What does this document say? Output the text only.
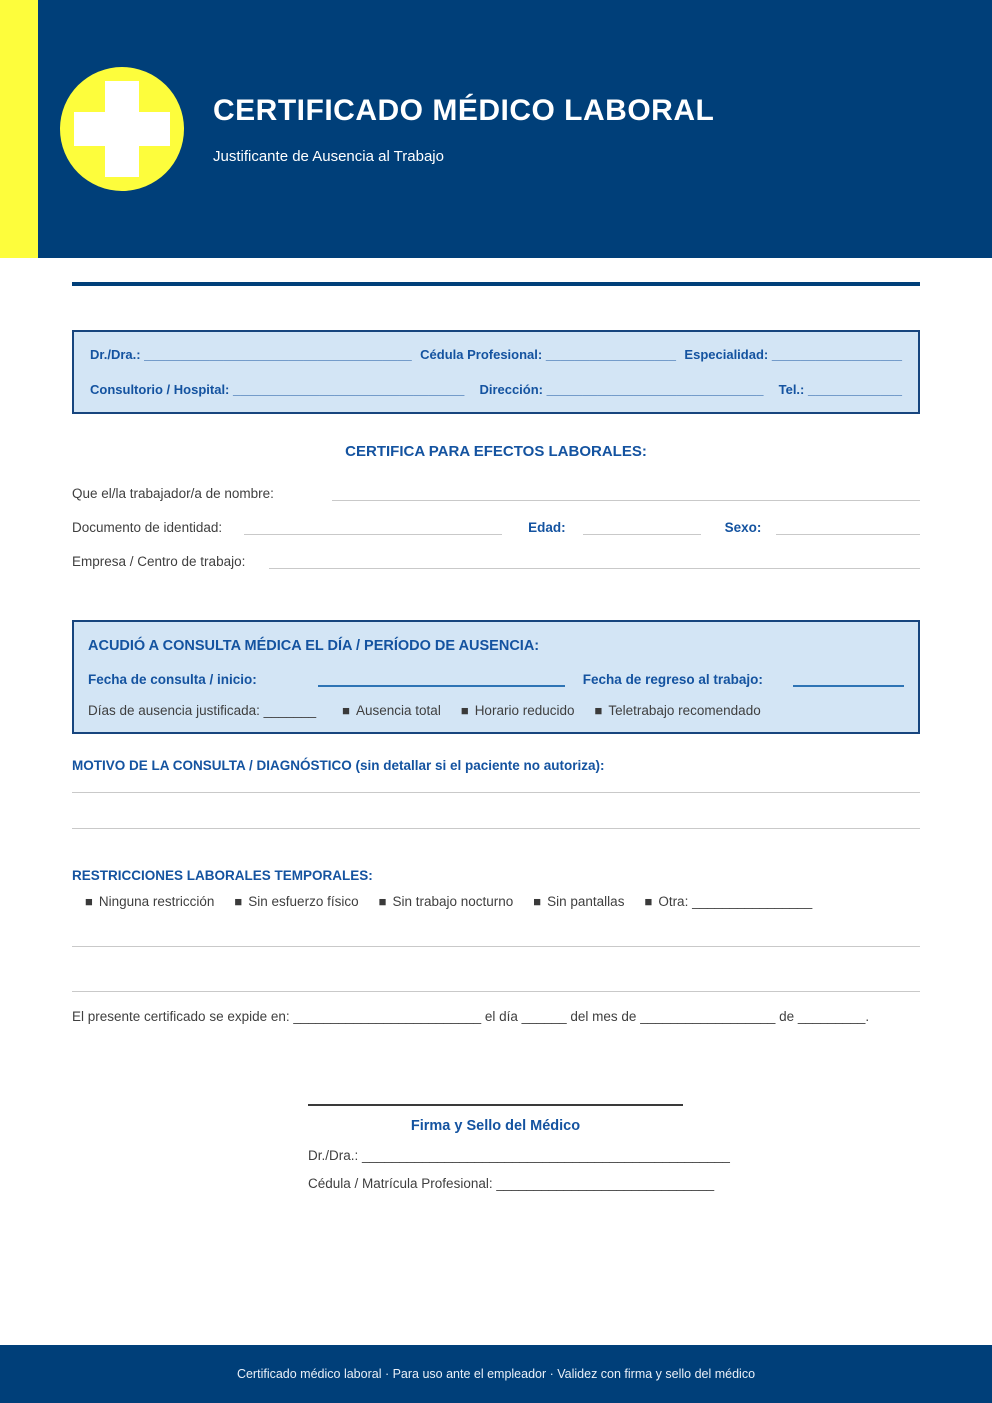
CERTIFICADO MÉDICO LABORAL
Justificante de Ausencia al Trabajo
Dr./Dra.: _____________________________________ Cédula Profesional: __________________ Especialidad: __________________
Consultorio / Hospital: ________________________________ Dirección: ______________________________ Tel.: _____________
CERTIFICA PARA EFECTOS LABORALES:
Que el/la trabajador/a de nombre:
Documento de identidad:	Edad:	Sexo:
Empresa / Centro de trabajo:
ACUDIÓ A CONSULTA MÉDICA EL DÍA / PERÍODO DE AUSENCIA:
Fecha de consulta / inicio:	Fecha de regreso al trabajo:
Días de ausencia justificada: _______ ■ Ausencia total ■ Horario reducido ■ Teletrabajo recomendado
MOTIVO DE LA CONSULTA / DIAGNÓSTICO (sin detallar si el paciente no autoriza):
RESTRICCIONES LABORALES TEMPORALES:
■ Ninguna restricción ■ Sin esfuerzo físico ■ Sin trabajo nocturno ■ Sin pantallas ■ Otra: ________________
El presente certificado se expide en: _________________________ el día ______ del mes de __________________ de _________.
Firma y Sello del Médico
Dr./Dra.: _________________________________________________
Cédula / Matrícula Profesional: _____________________________
Certificado médico laboral · Para uso ante el empleador · Validez con firma y sello del médico
